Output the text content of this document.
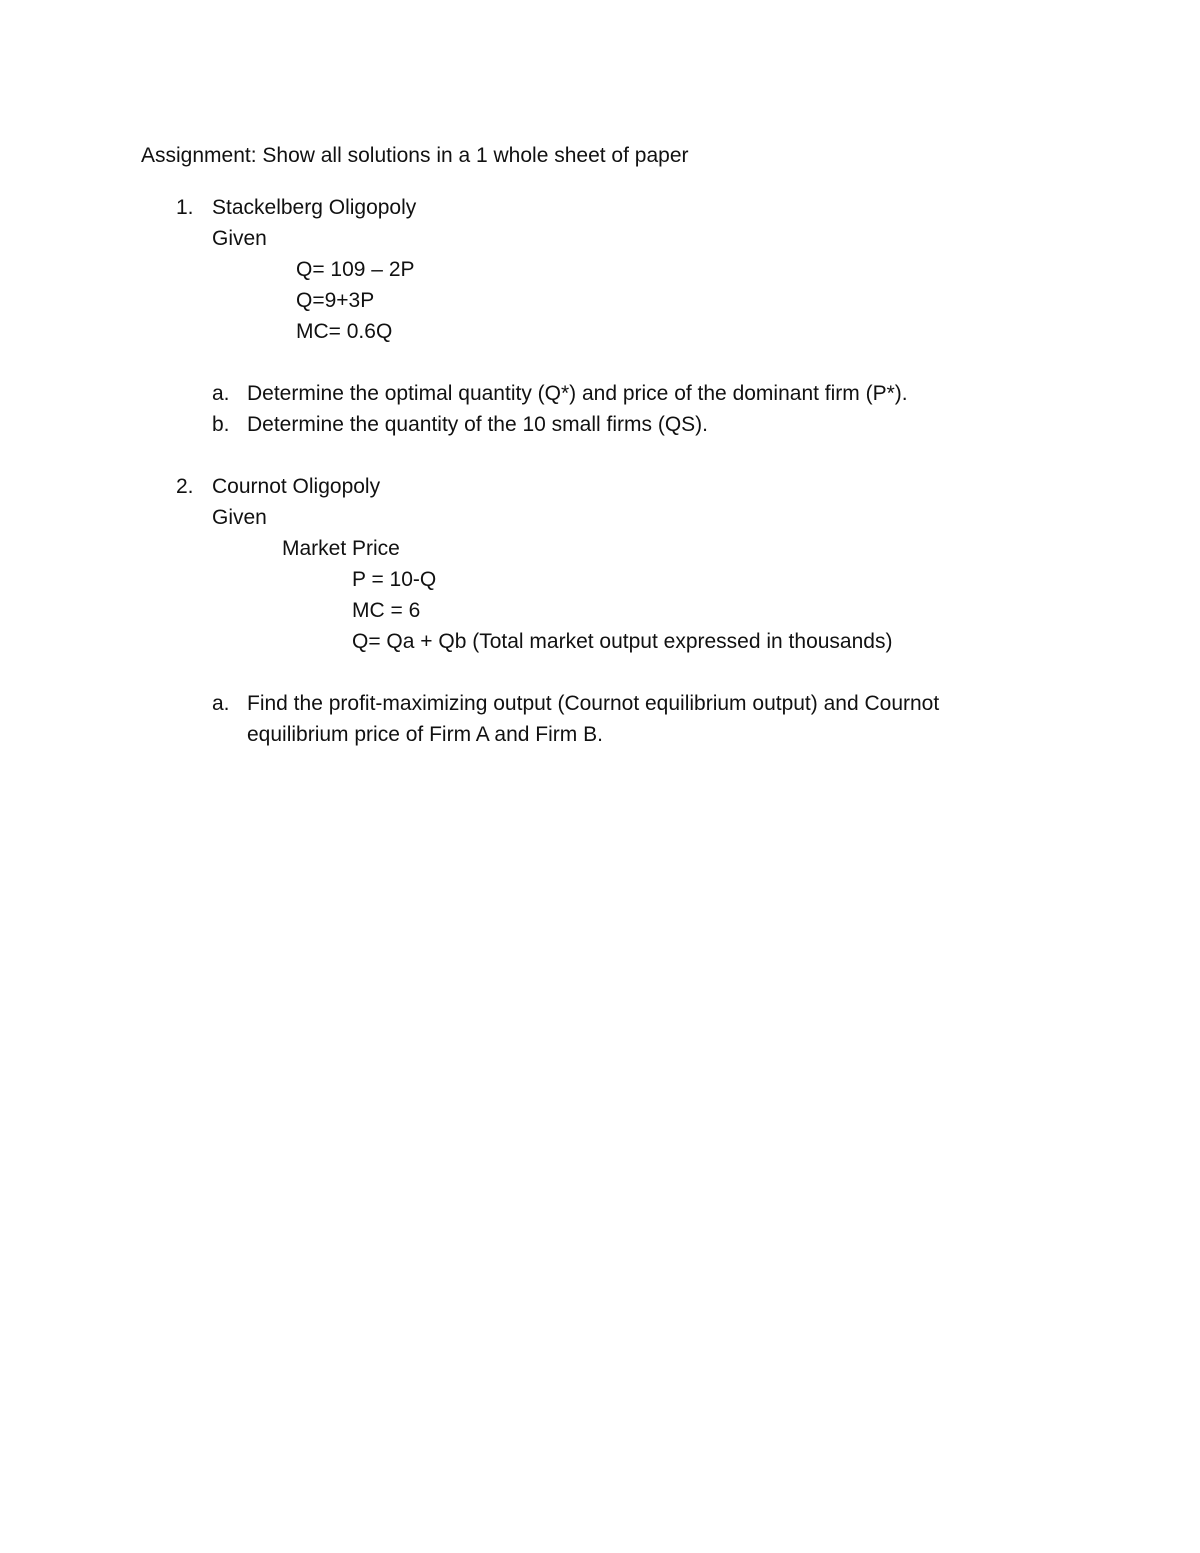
Assignment: Show all solutions in a 1 whole sheet of paper
1. Stackelberg Oligopoly
Given
Q= 109 – 2P
Q=9+3P
MC= 0.6Q
a. Determine the optimal quantity (Q*) and price of the dominant firm (P*).
b. Determine the quantity of the 10 small firms (QS).
2. Cournot Oligopoly
Given
Market Price
P = 10-Q
MC = 6
Q= Qa + Qb (Total market output expressed in thousands)
a. Find the profit-maximizing output (Cournot equilibrium output) and Cournot
equilibrium price of Firm A and Firm B.
